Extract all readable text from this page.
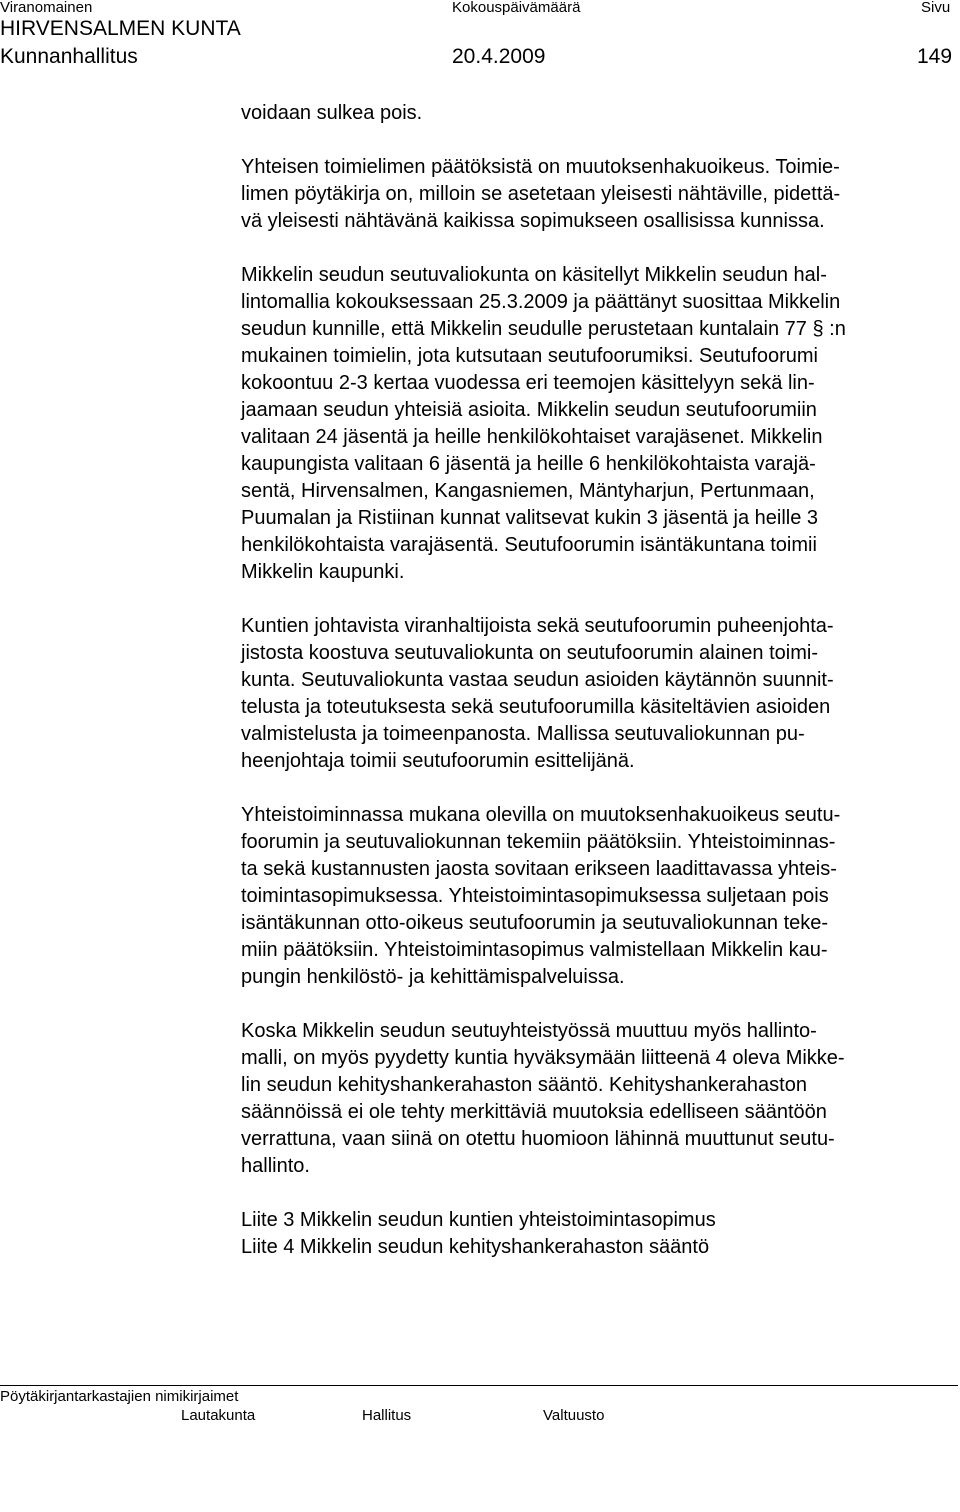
Viranomainen	Kokouspäivämäärä	Sivu
HIRVENSALMEN KUNTA
Kunnanhallitus	20.4.2009	149
voidaan sulkea pois.
Yhteisen toimielimen päätöksistä on muutoksenhakuoikeus. Toimie-
limen pöytäkirja on, milloin se asetetaan yleisesti nähtäville, pidettä-
vä yleisesti nähtävänä kaikissa sopimukseen osallisissa kunnissa.
Mikkelin seudun seutuvaliokunta on käsitellyt Mikkelin seudun hal-
lintomallia kokouksessaan 25.3.2009 ja päättänyt suosittaa Mikkelin
seudun kunnille, että Mikkelin seudulle perustetaan kuntalain 77 § :n
mukainen toimielin, jota kutsutaan seutufoorumiksi. Seutufoorumi
kokoontuu 2-3 kertaa vuodessa eri teemojen käsittelyyn sekä lin-
jaamaan seudun yhteisiä asioita. Mikkelin seudun seutufoorumiin
valitaan 24 jäsentä ja heille henkilökohtaiset varajäsenet. Mikkelin
kaupungista valitaan 6 jäsentä ja heille 6 henkilökohtaista varajä-
sentä, Hirvensalmen, Kangasniemen, Mäntyharjun, Pertunmaan,
Puumalan ja Ristiinan kunnat valitsevat kukin 3 jäsentä ja heille 3
henkilökohtaista varajäsentä. Seutufoorumin isäntäkuntana toimii
Mikkelin kaupunki.
Kuntien johtavista viranhaltijoista sekä seutufoorumin puheenjohta-
jistosta koostuva seutuvaliokunta on seutufoorumin alainen toimi-
kunta. Seutuvaliokunta vastaa seudun asioiden käytännön suunnit-
telusta ja toteutuksesta sekä seutufoorumilla käsiteltävien asioiden
valmistelusta ja toimeenpanosta. Mallissa seutuvaliokunnan pu-
heenjohtaja toimii seutufoorumin esittelijänä.
Yhteistoiminnassa mukana olevilla on muutoksenhakuoikeus seutu-
foorumin ja seutuvaliokunnan tekemiin päätöksiin. Yhteistoiminnas-
ta sekä kustannusten jaosta sovitaan erikseen laadittavassa yhteis-
toimintasopimuksessa. Yhteistoimintasopimuksessa suljetaan pois
isäntäkunnan otto-oikeus seutufoorumin ja seutuvaliokunnan teke-
miin päätöksiin. Yhteistoimintasopimus valmistellaan Mikkelin kau-
pungin henkilöstö- ja kehittämispalveluissa.
Koska Mikkelin seudun seutuyhteistyössä muuttuu myös hallinto-
malli, on myös pyydetty kuntia hyväksymään liitteenä 4 oleva Mikke-
lin seudun kehityshankerahaston sääntö. Kehityshankerahaston
säännöissä ei ole tehty merkittäviä muutoksia edelliseen sääntöön
verrattuna, vaan siinä on otettu huomioon lähinnä muuttunut seutu-
hallinto.
Liite 3 Mikkelin seudun kuntien yhteistoimintasopimus
Liite 4 Mikkelin seudun kehityshankerahaston sääntö
Pöytäkirjantarkastajien nimikirjaimet
Lautakunta	Hallitus	Valtuusto
